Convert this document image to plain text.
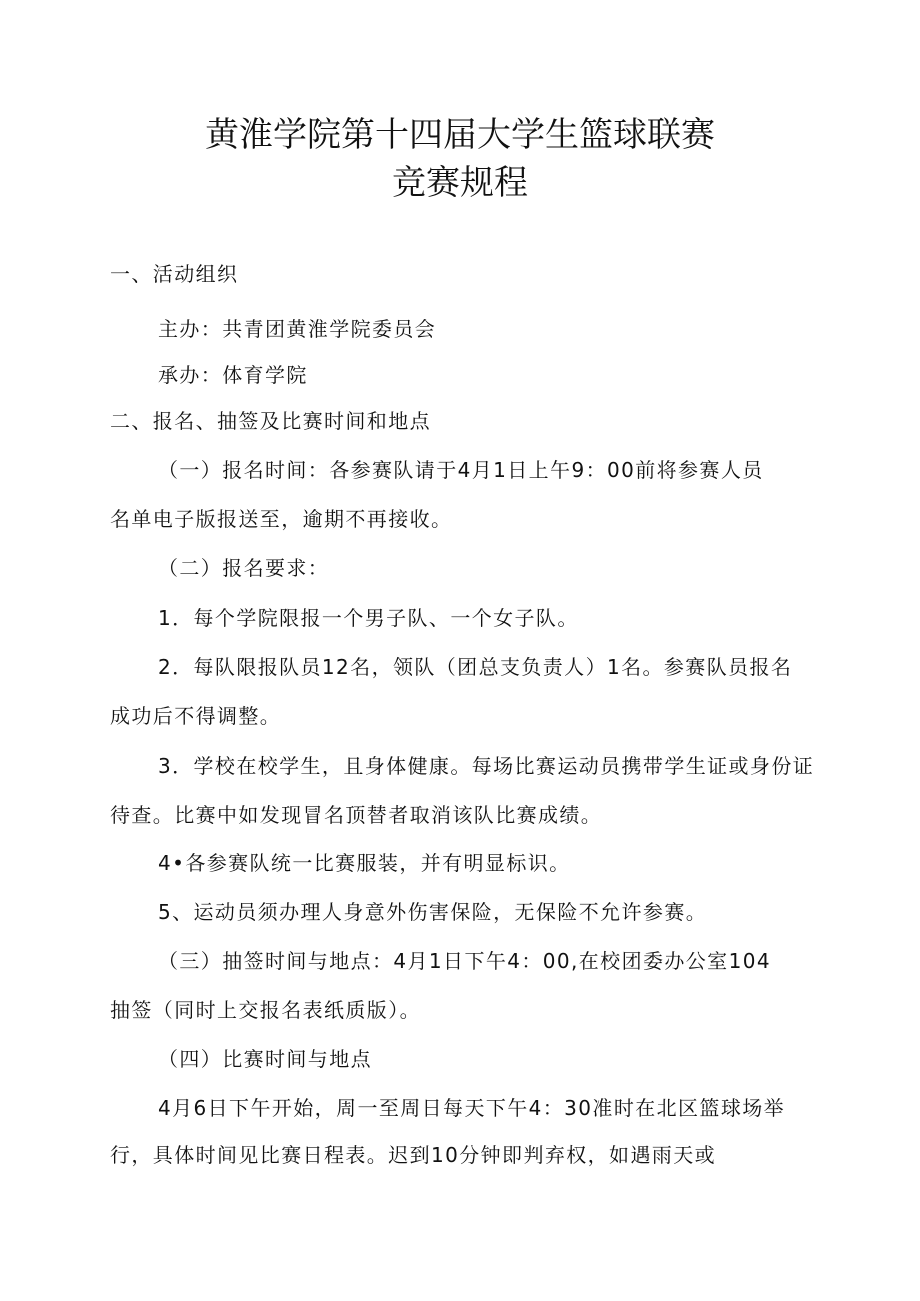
黄淮学院第十四届大学生篮球联赛
竞赛规程
一、活动组织
主办：共青团黄淮学院委员会
承办：体育学院
二、报名、抽签及比赛时间和地点
（一）报名时间：各参赛队请于4月1日上午9：00前将参赛人员
名单电子版报送至，逾期不再接收。
（二）报名要求：
1．每个学院限报一个男子队、一个女子队。
2．每队限报队员12名，领队（团总支负责人）1名。参赛队员报名
成功后不得调整。
3．学校在校学生，且身体健康。每场比赛运动员携带学生证或身份证
待查。比赛中如发现冒名顶替者取消该队比赛成绩。
4•各参赛队统一比赛服装，并有明显标识。
5、运动员须办理人身意外伤害保险，无保险不允许参赛。
（三）抽签时间与地点：4月1日下午4：00,在校团委办公室104
抽签（同时上交报名表纸质版）。
（四）比赛时间与地点
4月6日下午开始，周一至周日每天下午4：30准时在北区篮球场举
行，具体时间见比赛日程表。迟到10分钟即判弃权，如遇雨天或
